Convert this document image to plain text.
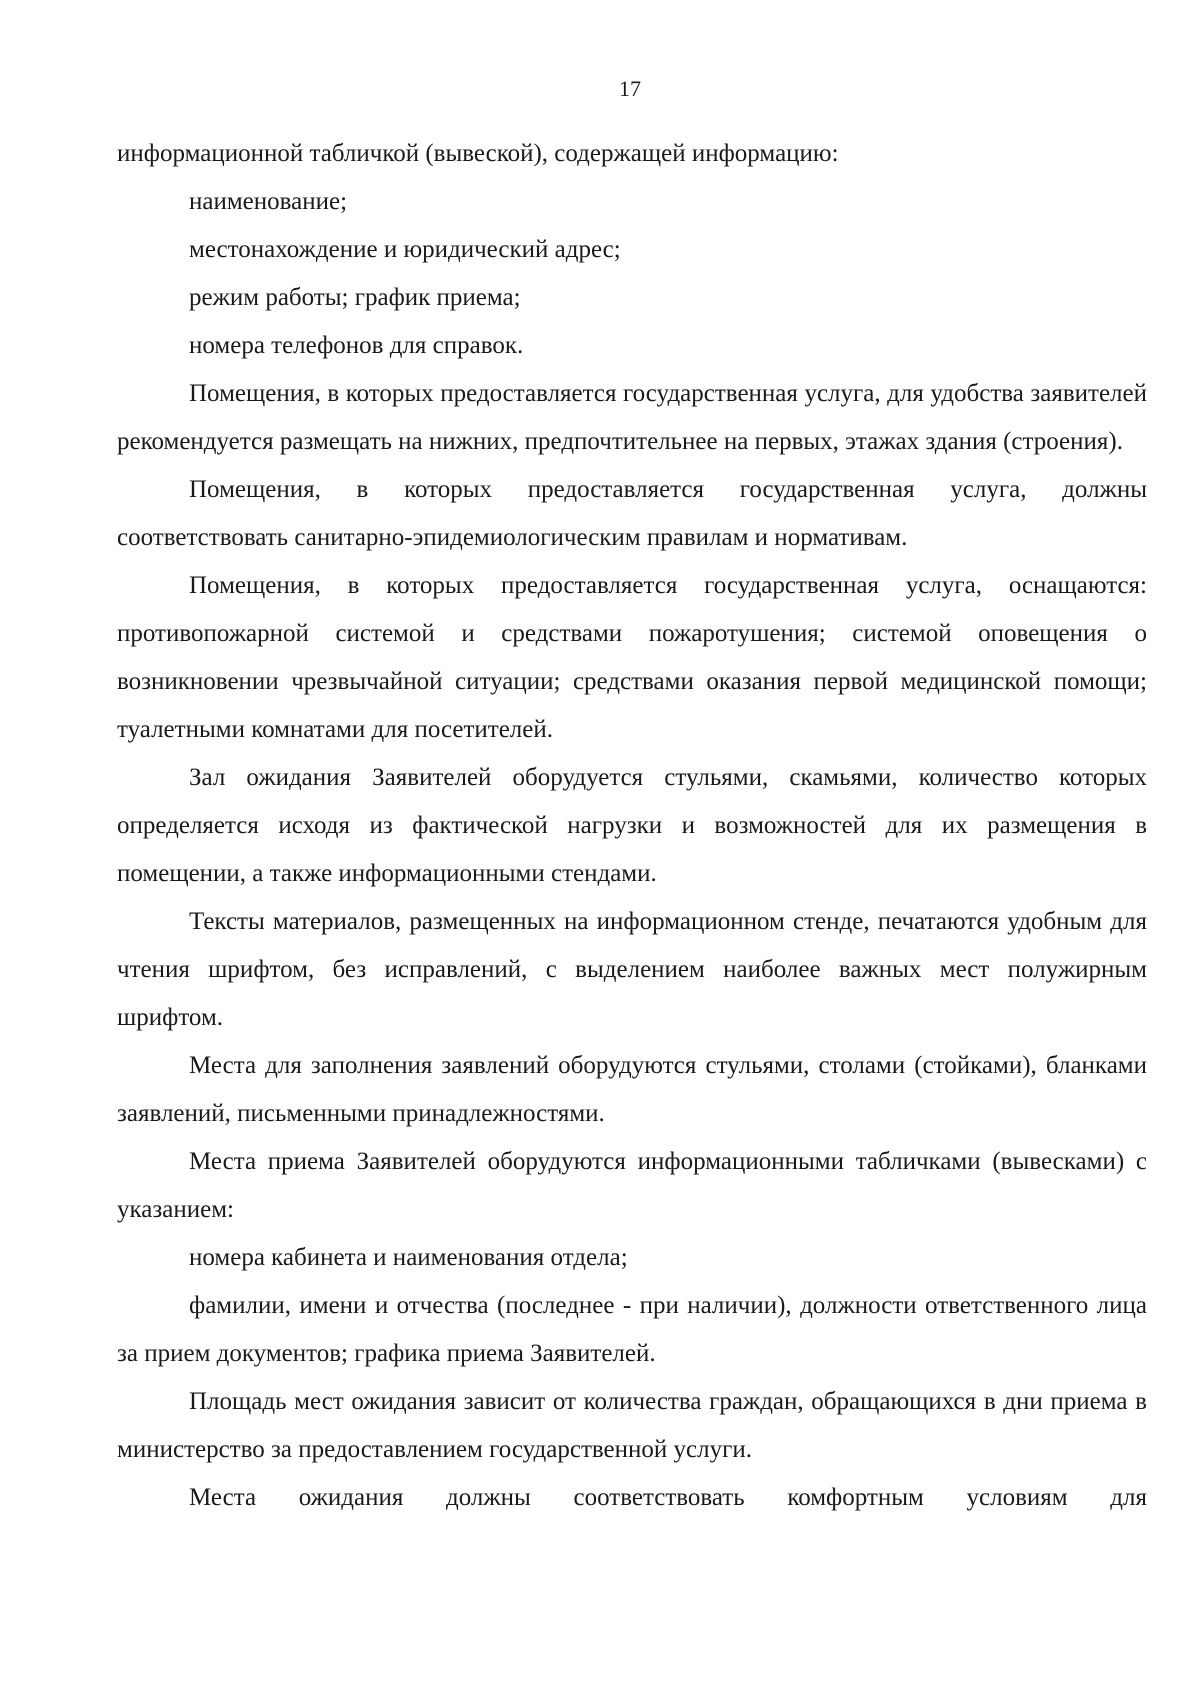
17

информационной табличкой (вывеской), содержащей информацию:

наименование;

местонахождение и юридический адрес;

режим работы; график приема;

номера телефонов для справок.

Помещения, в которых предоставляется государственная услуга, для удобства заявителей рекомендуется размещать на нижних, предпочтительнее на первых, этажах здания (строения).

Помещения, в которых предоставляется государственная услуга, должны соответствовать санитарно-эпидемиологическим правилам и нормативам.

Помещения, в которых предоставляется государственная услуга, оснащаются: противопожарной системой и средствами пожаротушения; системой оповещения о возникновении чрезвычайной ситуации; средствами оказания первой медицинской помощи; туалетными комнатами для посетителей.

Зал ожидания Заявителей оборудуется стульями, скамьями, количество которых определяется исходя из фактической нагрузки и возможностей для их размещения в помещении, а также информационными стендами.

Тексты материалов, размещенных на информационном стенде, печатаются удобным для чтения шрифтом, без исправлений, с выделением наиболее важных мест полужирным шрифтом.

Места для заполнения заявлений оборудуются стульями, столами (стойками), бланками заявлений, письменными принадлежностями.

Места приема Заявителей оборудуются информационными табличками (вывесками) с указанием:

номера кабинета и наименования отдела;

фамилии, имени и отчества (последнее - при наличии), должности ответственного лица за прием документов; графика приема Заявителей.

Площадь мест ожидания зависит от количества граждан, обращающихся в дни приема в министерство за предоставлением государственной услуги.

Места ожидания должны соответствовать комфортным условиям для
